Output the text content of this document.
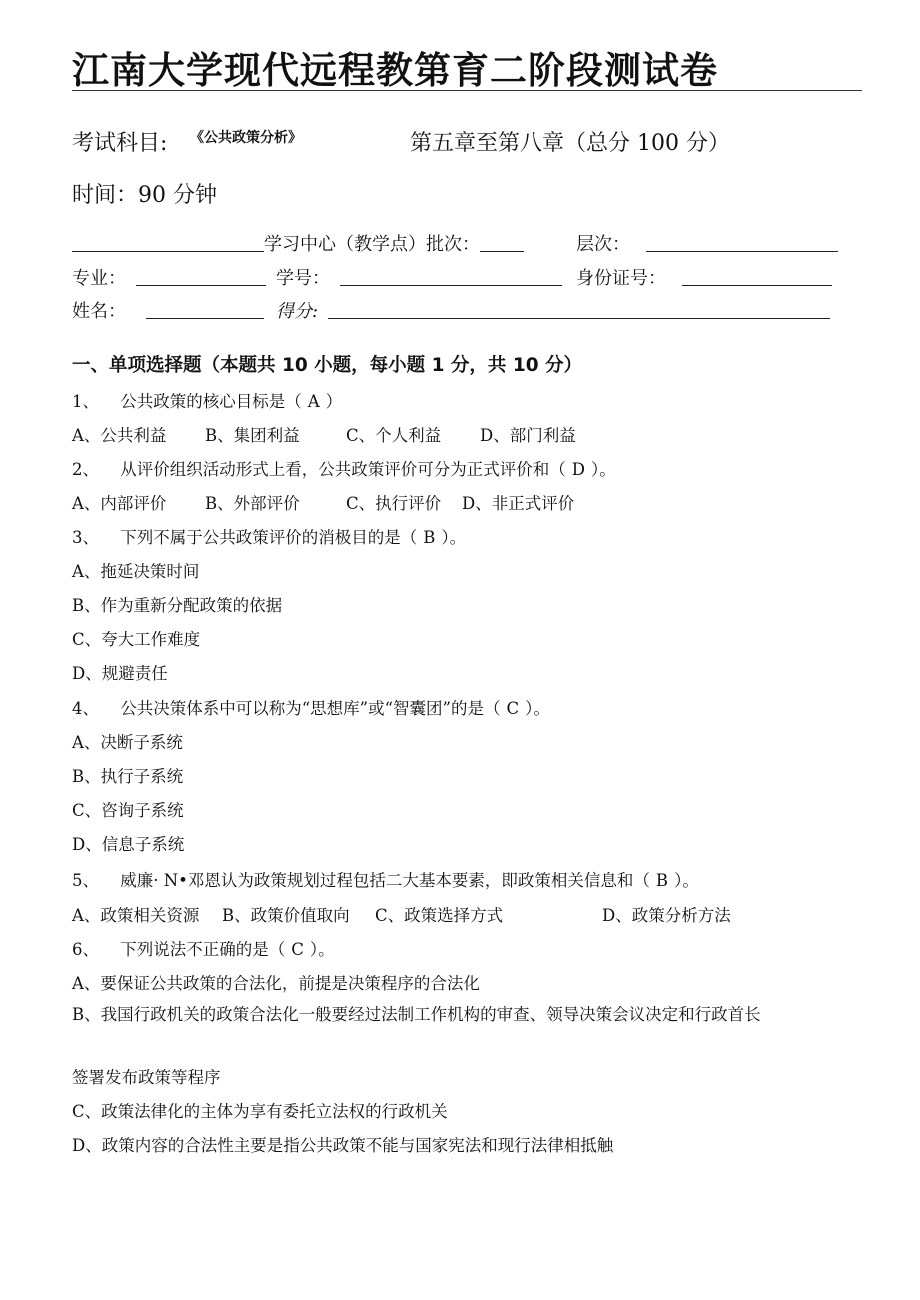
江南大学现代远程教第育二阶段测试卷
考试科目: 《公共政策分析》	第五章至第八章（总分 100 分）
时间：90 分钟
学习中心（教学点）批次：	层次：
专业：	学号：	身份证号：
姓名：	得分:
一、单项选择题（本题共 10 小题，每小题 1 分，共 10 分）
1、 公共政策的核心目标是（ A ）
A、公共利益 B、集团利益	C、个人利益 D、部门利益
2、 从评价组织活动形式上看，公共政策评价可分为正式评价和（ D ）。
A、内部评价 B、外部评价	C、执行评价 D、非正式评价
3、 下列不属于公共政策评价的消极目的是（ B ）。
A、拖延决策时间
B、作为重新分配政策的依据
C、夸大工作难度
D、规避责任
4、 公共决策体系中可以称为“思想库”或“智囊团”的是（ C ）。
A、决断子系统
B、执行子系统
C、咨询子系统
D、信息子系统
5、 威廉· N•邓恩认为政策规划过程包括二大基本要素，即政策相关信息和（ B ）。
A、政策相关资源 B、政策价值取向 C、政策选择方式	D、政策分析方法
6、 下列说法不正确的是（ C ）。
A、要保证公共政策的合法化，前提是决策程序的合法化
B、我国行政机关的政策合法化一般要经过法制工作机构的审查、领导决策会议决定和行政首长
签署发布政策等程序
C、政策法律化的主体为享有委托立法权的行政机关
D、政策内容的合法性主要是指公共政策不能与国家宪法和现行法律相抵触
